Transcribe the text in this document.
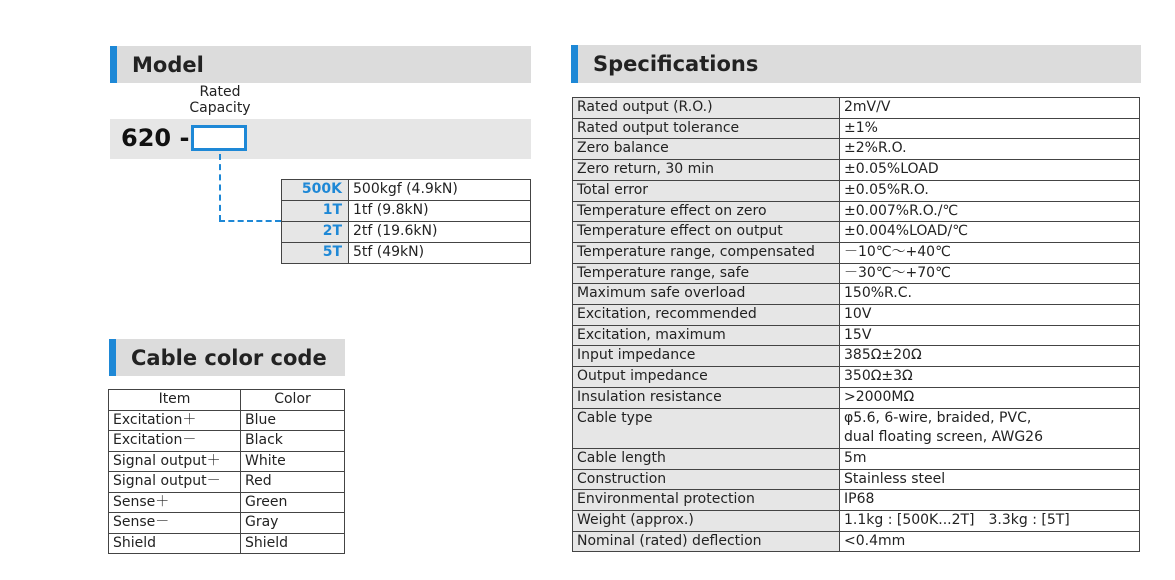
Model
Rated
Capacity
620 -
500K	500kgf (4.9kN)
1T	1tf (9.8kN)
2T	2tf (19.6kN)
5T	5tf (49kN)
Cable color code
Item	Color
Excitation＋	Blue
Excitation－	Black
Signal output＋	White
Signal output－	Red
Sense＋	Green
Sense－	Gray
Shield	Shield
Specifications
Rated output (R.O.)	2mV/V
Rated output tolerance	±1%
Zero balance	±2%R.O.
Zero return, 30 min	±0.05%LOAD
Total error	±0.05%R.O.
Temperature effect on zero	±0.007%R.O./℃
Temperature effect on output	±0.004%LOAD/℃
Temperature range, compensated	－10℃～+40℃
Temperature range, safe	－30℃～+70℃
Maximum safe overload	150%R.C.
Excitation, recommended	10V
Excitation, maximum	15V
Input impedance	385Ω±20Ω
Output impedance	350Ω±3Ω
Insulation resistance	>2000MΩ
Cable type	φ5.6, 6-wire, braided, PVC,
dual floating screen, AWG26

Cable length	5m
Construction	Stainless steel
Environmental protection	IP68
Weight (approx.)	1.1kg : [500K...2T]　3.3kg : [5T]
Nominal (rated) deflection	<0.4mm
